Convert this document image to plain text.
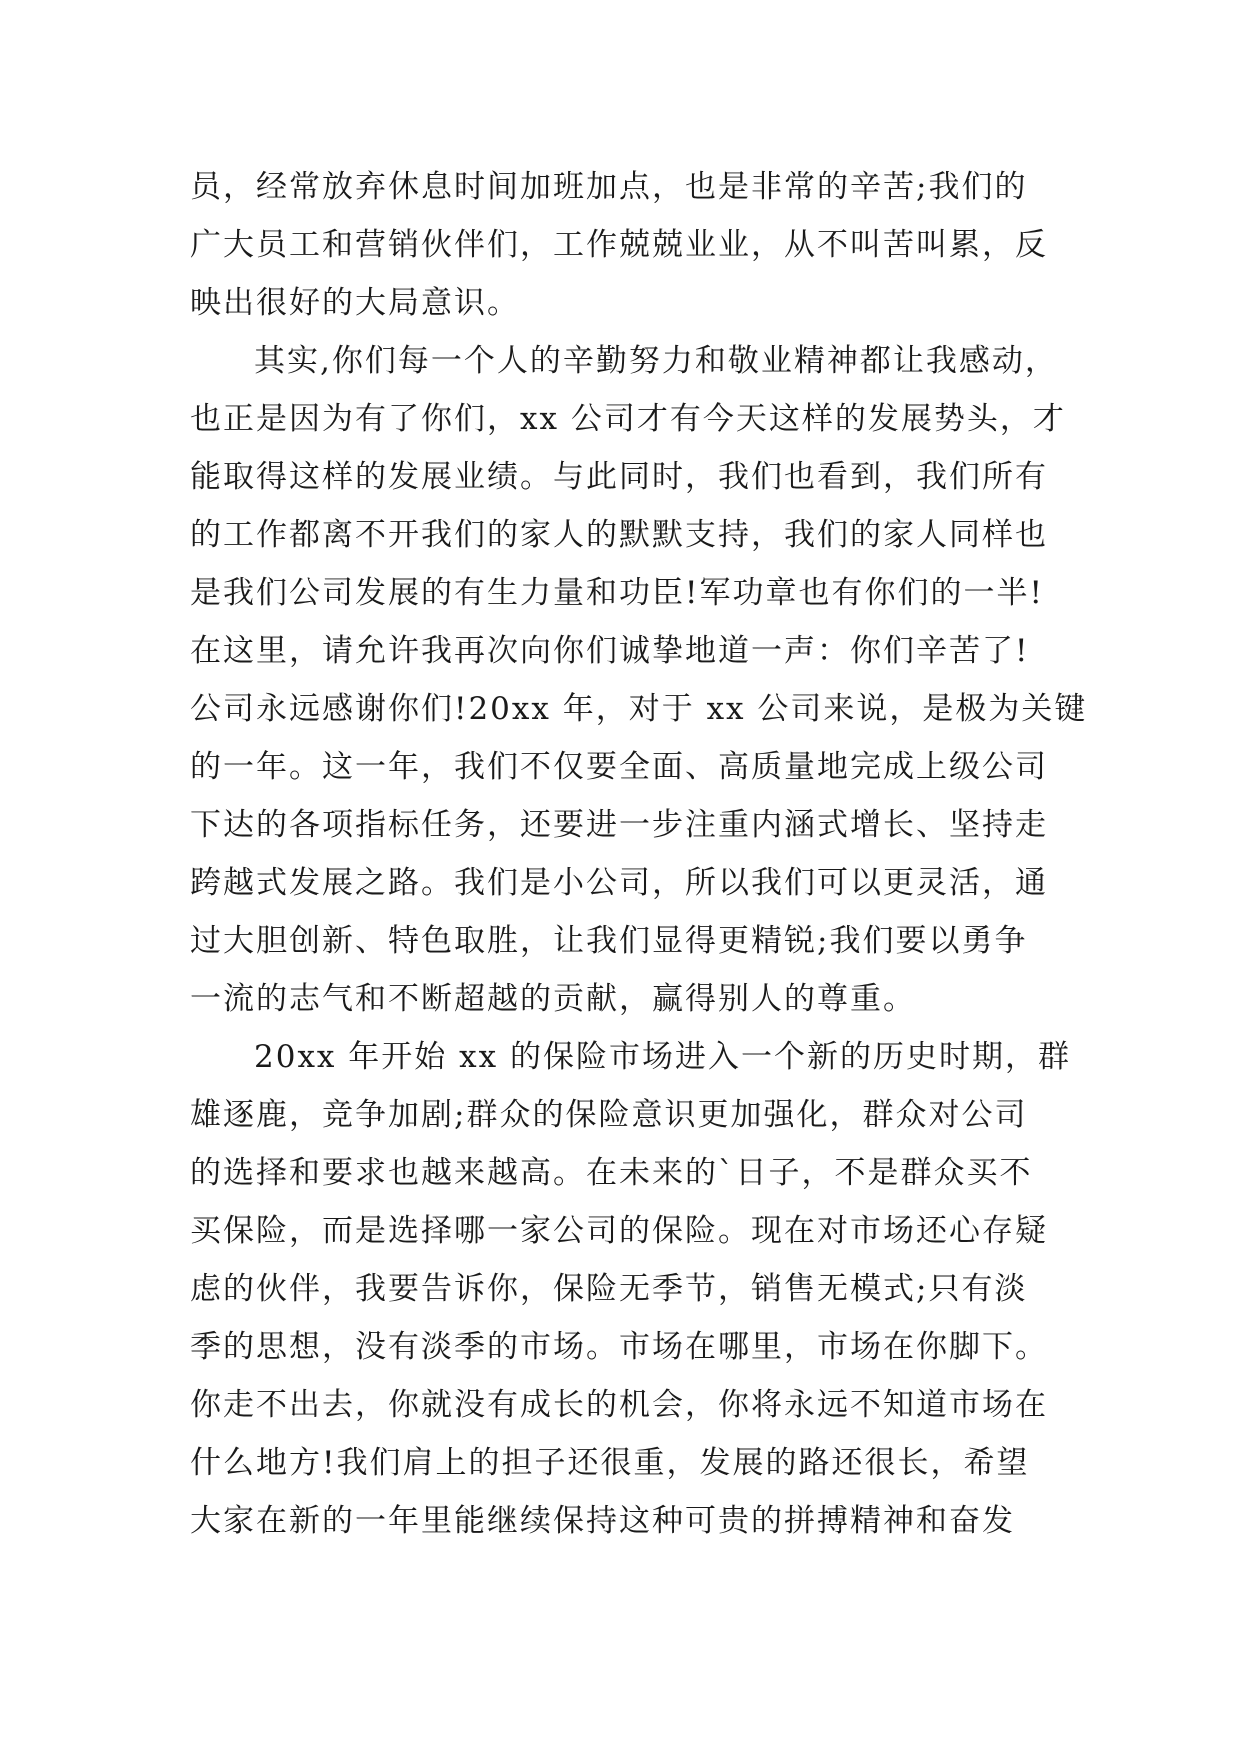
员，经常放弃休息时间加班加点，也是非常的辛苦;我们的
广大员工和营销伙伴们，工作兢兢业业，从不叫苦叫累，反
映出很好的大局意识。
其实,你们每一个人的辛勤努力和敬业精神都让我感动，
也正是因为有了你们，xx 公司才有今天这样的发展势头，才
能取得这样的发展业绩。与此同时，我们也看到，我们所有
的工作都离不开我们的家人的默默支持，我们的家人同样也
是我们公司发展的有生力量和功臣!军功章也有你们的一半!
在这里，请允许我再次向你们诚挚地道一声：你们辛苦了!
公司永远感谢你们!20xx 年，对于 xx 公司来说，是极为关键
的一年。这一年，我们不仅要全面、高质量地完成上级公司
下达的各项指标任务，还要进一步注重内涵式增长、坚持走
跨越式发展之路。我们是小公司，所以我们可以更灵活，通
过大胆创新、特色取胜，让我们显得更精锐;我们要以勇争
一流的志气和不断超越的贡献，赢得别人的尊重。
20xx 年开始 xx 的保险市场进入一个新的历史时期，群
雄逐鹿，竞争加剧;群众的保险意识更加强化，群众对公司
的选择和要求也越来越高。在未来的`日子，不是群众买不
买保险，而是选择哪一家公司的保险。现在对市场还心存疑
虑的伙伴，我要告诉你，保险无季节，销售无模式;只有淡
季的思想，没有淡季的市场。市场在哪里，市场在你脚下。
你走不出去，你就没有成长的机会，你将永远不知道市场在
什么地方!我们肩上的担子还很重，发展的路还很长，希望
大家在新的一年里能继续保持这种可贵的拼搏精神和奋发
